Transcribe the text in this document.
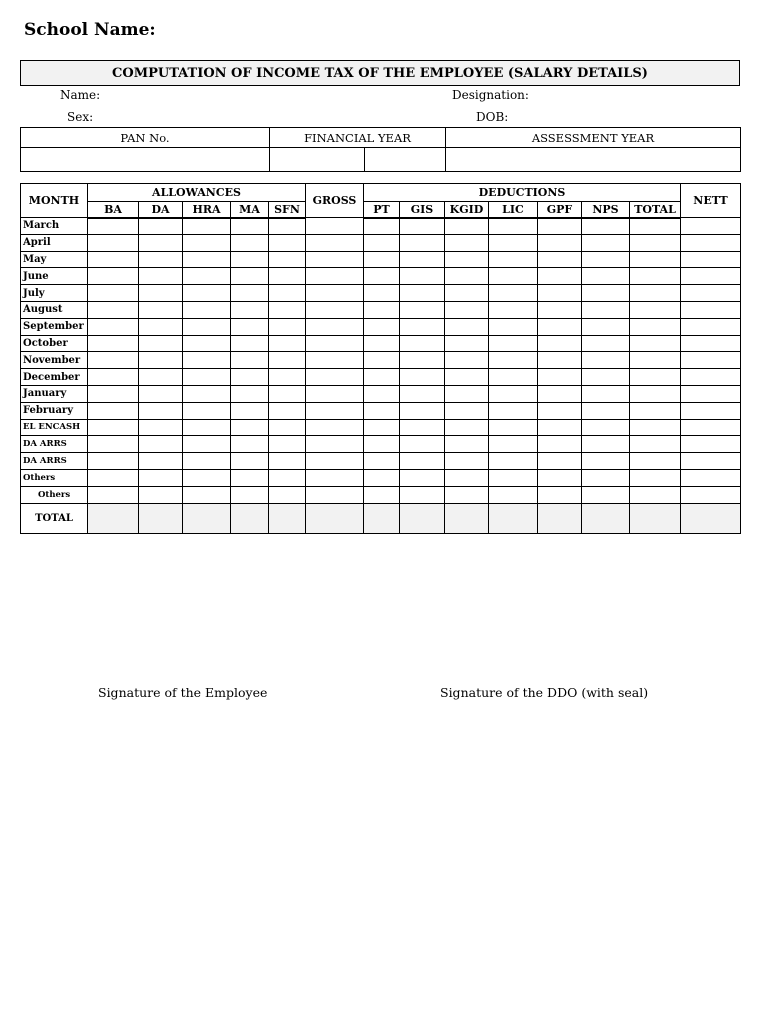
School Name:
COMPUTATION OF INCOME TAX OF THE EMPLOYEE (SALARY DETAILS)
Name:	Designation:
Sex:	DOB:
PAN No.	FINANCIAL YEAR		ASSESSMENT YEAR

MONTH	ALLOWANCES					GROSS	DEDUCTIONS							NETT
	BA	DA	HRA	MA	SFN		PT	GIS	KGID	LIC	GPF	NPS	TOTAL	
March														
April														
May														
June														
July														
August														
September														
October														
November														
December														
January														
February														
EL ENCASH														
DA ARRS														
DA ARRS														
Others														
Others														
TOTAL														
Signature of the Employee	Signature of the DDO (with seal)
